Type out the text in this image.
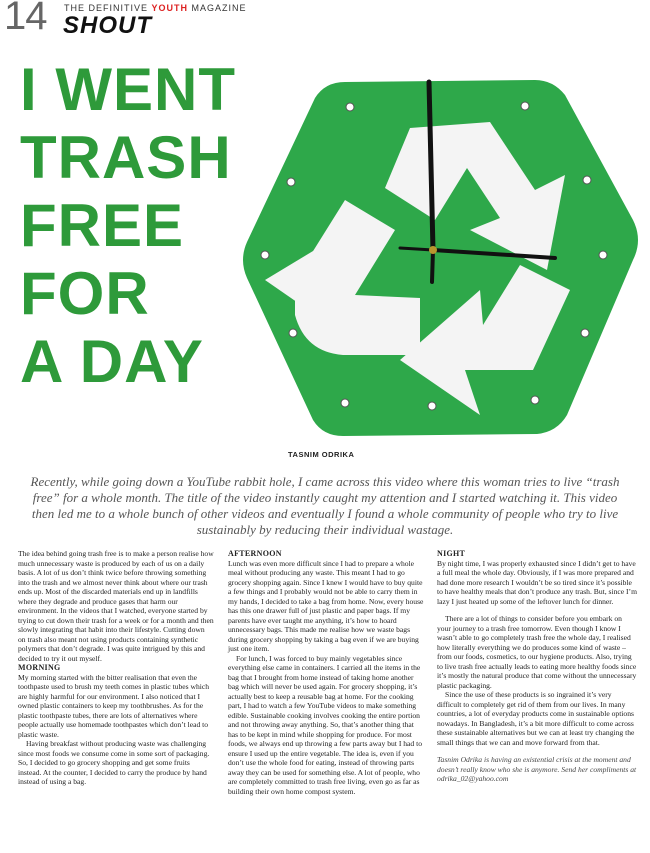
14 THE DEFINITIVE YOUTH MAGAZINE
SHOUT
I WENT
TRASH
FREE
FOR
A DAY
TASNIM ODRIKA
Recently, while going down a YouTube rabbit hole, I came across this video where this woman tries to live “trash free” for a whole month. The title of the video instantly caught my attention and I started watching it. This video then led me to a whole bunch of other videos and eventually I found a whole community of people who try to live sustainably by reducing their individual wastage.

The idea behind going trash free is to make a person realise how much unnecessary waste is produced by each of us on a daily basis. A lot of us don’t think twice before throwing something into the trash and we almost never think about where our trash ends up. Most of the discarded materials end up in landfills where they degrade and produce gases that harm our environment. In the videos that I watched, everyone started by trying to cut down their trash for a week or for a month and then slowly integrating that habit into their lifestyle. Cutting down on trash also meant not using products containing synthetic polymers that don’t degrade. I was quite intrigued by this and decided to try it out myself.

MORNING

My morning started with the bitter realisation that even the toothpaste used to brush my teeth comes in plastic tubes which are highly harmful for our environment. I also noticed that I owned plastic containers to keep my toothbrushes. As for the plastic toothpaste tubes, there are lots of alternatives where people actually use homemade toothpastes which don’t lead to plastic waste.

Having breakfast without producing waste was challenging since most foods we consume come in some sort of packaging. So, I decided to go grocery shopping and get some fruits instead. At the counter, I decided to carry the produce by hand instead of using a bag.

AFTERNOON

Lunch was even more difficult since I had to prepare a whole meal without producing any waste. This meant I had to go grocery shopping again. Since I knew I would have to buy quite a few things and I probably would not be able to carry them in my hands, I decided to take a bag from home. Now, every house has this one drawer full of just plastic and paper bags. If my parents have ever taught me anything, it’s how to hoard unnecessary bags. This made me realise how we waste bags during grocery shopping by taking a bag even if we are buying just one item.

For lunch, I was forced to buy mainly vegetables since everything else came in containers. I carried all the items in the bag that I brought from home instead of taking home another bag which will never be used again. For grocery shopping, it’s actually best to keep a reusable bag at home. For the cooking part, I had to watch a few YouTube videos to make something edible. Sustainable cooking involves cooking the entire portion and not throwing away anything. So, that’s another thing that has to be kept in mind while shopping for produce. For most foods, we always end up throwing a few parts away but I had to ensure I used up the entire vegetable. The idea is, even if you don’t use the whole food for eating, instead of throwing parts away they can be used for something else. A lot of people, who are completely committed to trash free living, even go as far as building their own home compost system.

NIGHT

By night time, I was properly exhausted since I didn’t get to have a full meal the whole day. Obviously, if I was more prepared and had done more research I wouldn’t be so tired since it’s possible to have healthy meals that don’t produce any trash. But, since I’m lazy I just heated up some of the leftover lunch for dinner.

There are a lot of things to consider before you embark on your journey to a trash free tomorrow. Even though I know I wasn’t able to go completely trash free the whole day, I realised how literally everything we do produces some kind of waste – from our foods, cosmetics, to our hygiene products. Also, trying to live trash free actually leads to eating more healthy foods since it’s mostly the natural produce that come without the unnecessary plastic packaging.

Since the use of these products is so ingrained it’s very difficult to completely get rid of them from our lives. In many countries, a lot of everyday products come in sustainable options nowadays. In Bangladesh, it’s a bit more difficult to come across these sustainable alternatives but we can at least try changing the small things that we can and move forward from that.

Tasnim Odrika is having an existential crisis at the moment and doesn’t really know who she is anymore. Send her compliments at odrika_02@yahoo.com
